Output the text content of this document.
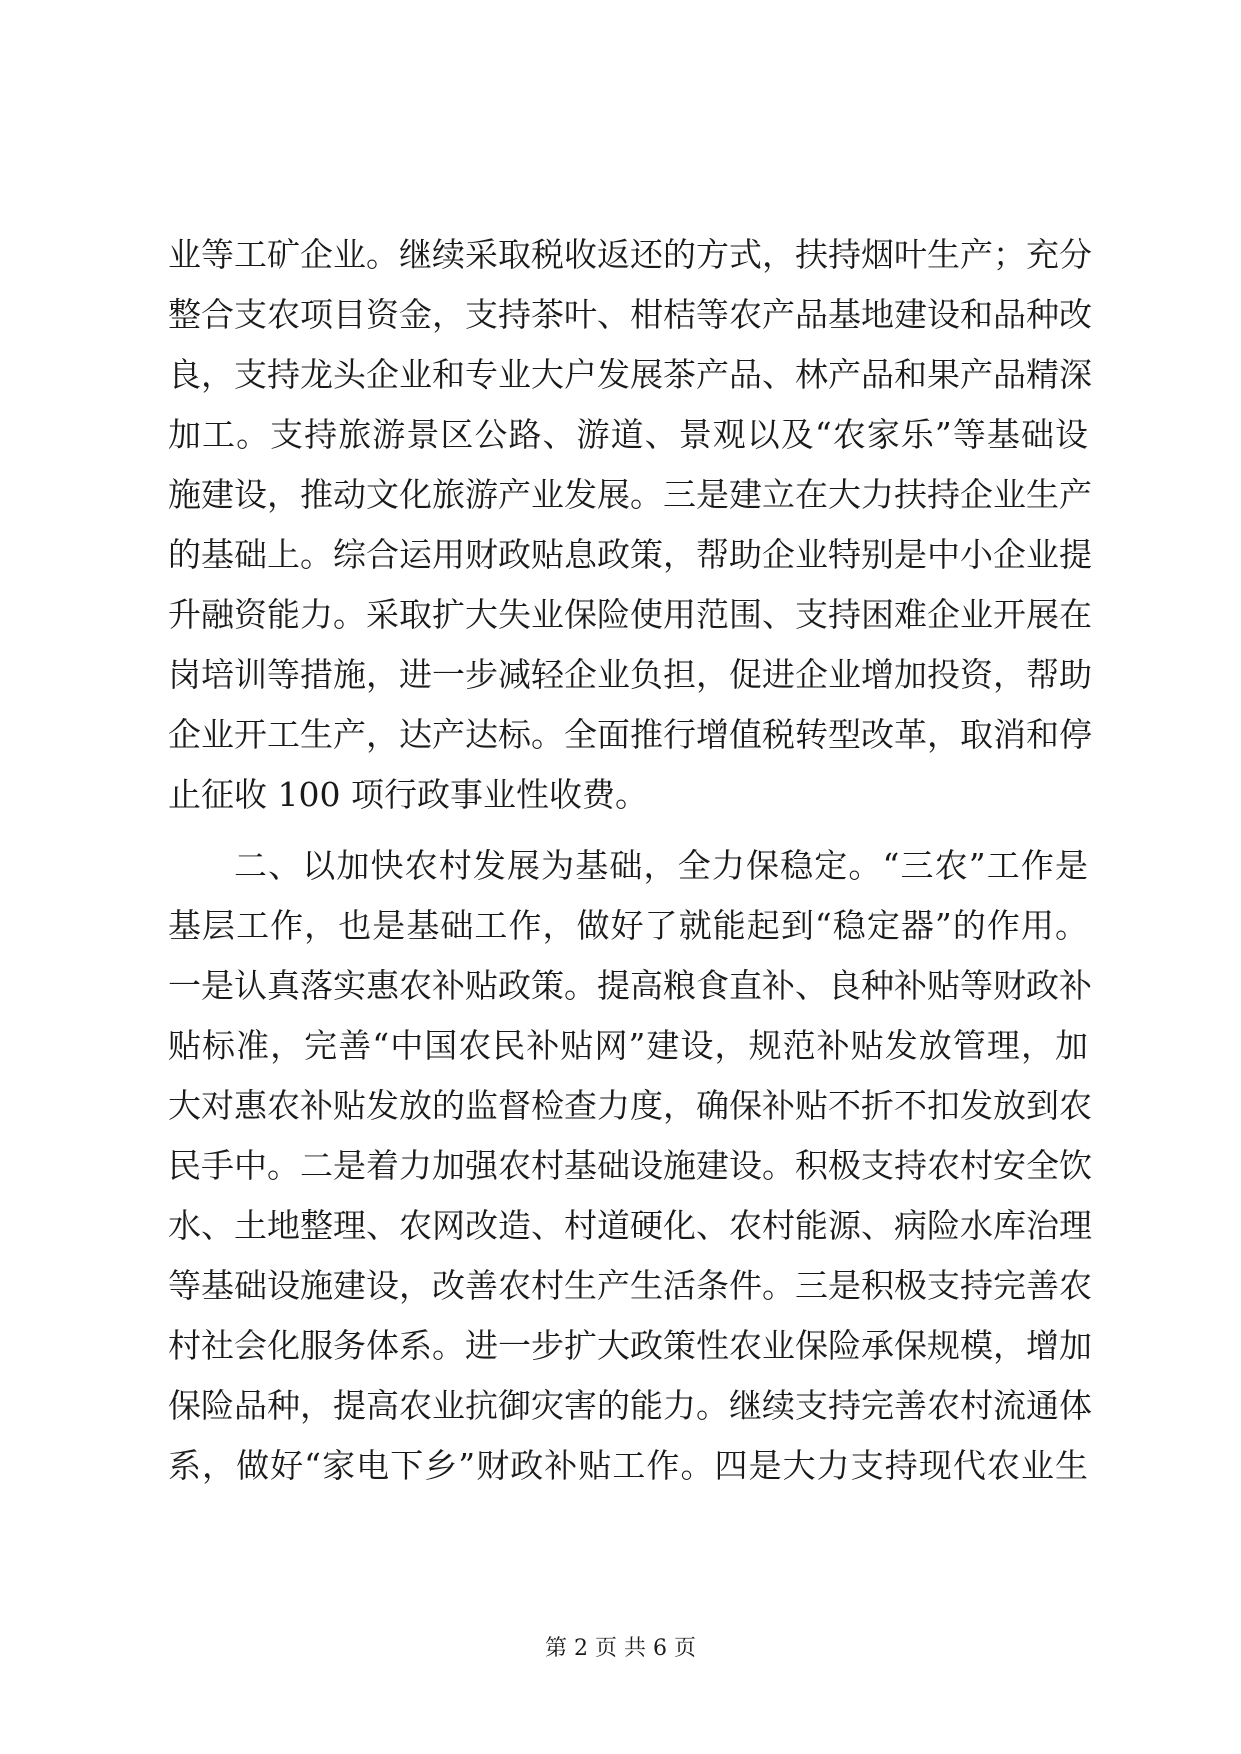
业等工矿企业。继续采取税收返还的方式，扶持烟叶生产；充分

整合支农项目资金，支持茶叶、柑桔等农产品基地建设和品种改

良，支持龙头企业和专业大户发展茶产品、林产品和果产品精深

加工。支持旅游景区公路、游道、景观以及“农家乐”等基础设

施建设，推动文化旅游产业发展。三是建立在大力扶持企业生产

的基础上。综合运用财政贴息政策，帮助企业特别是中小企业提

升融资能力。采取扩大失业保险使用范围、支持困难企业开展在

岗培训等措施，进一步减轻企业负担，促进企业增加投资，帮助

企业开工生产，达产达标。全面推行增值税转型改革，取消和停

止征收 100 项行政事业性收费。

二、以加快农村发展为基础，全力保稳定。“三农”工作是

基层工作，也是基础工作，做好了就能起到“稳定器”的作用。

一是认真落实惠农补贴政策。提高粮食直补、良种补贴等财政补

贴标准，完善“中国农民补贴网”建设，规范补贴发放管理，加

大对惠农补贴发放的监督检查力度，确保补贴不折不扣发放到农

民手中。二是着力加强农村基础设施建设。积极支持农村安全饮

水、土地整理、农网改造、村道硬化、农村能源、病险水库治理

等基础设施建设，改善农村生产生活条件。三是积极支持完善农

村社会化服务体系。进一步扩大政策性农业保险承保规模，增加

保险品种，提高农业抗御灾害的能力。继续支持完善农村流通体

系，做好“家电下乡”财政补贴工作。四是大力支持现代农业生

第 2 页 共 6 页
